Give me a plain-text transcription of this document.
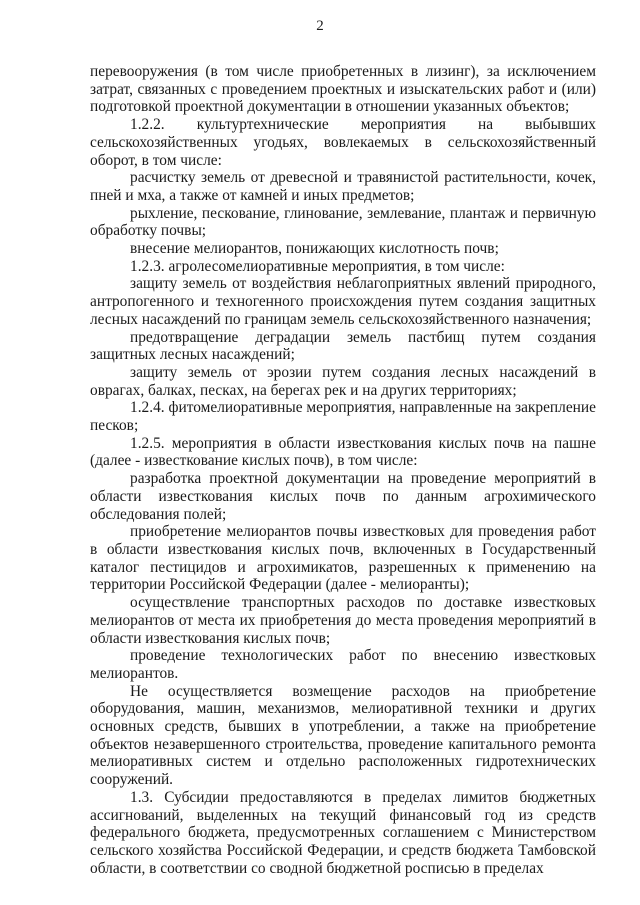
2

перевооружения (в том числе приобретенных в лизинг), за исключением затрат, связанных с проведением проектных и изыскательских работ и (или) подготовкой проектной документации в отношении указанных объектов;

1.2.2. культуртехнические мероприятия на выбывших сельскохозяйственных угодьях, вовлекаемых в сельскохозяйственный оборот, в том числе:

расчистку земель от древесной и травянистой растительности, кочек, пней и мха, а также от камней и иных предметов;

рыхление, пескование, глинование, землевание, плантаж и первичную обработку почвы;

внесение мелиорантов, понижающих кислотность почв;

1.2.3. агролесомелиоративные мероприятия, в том числе:

защиту земель от воздействия неблагоприятных явлений природного, антропогенного и техногенного происхождения путем создания защитных лесных насаждений по границам земель сельскохозяйственного назначения;

предотвращение деградации земель пастбищ путем создания защитных лесных насаждений;

защиту земель от эрозии путем создания лесных насаждений в оврагах, балках, песках, на берегах рек и на других территориях;

1.2.4. фитомелиоративные мероприятия, направленные на закрепление песков;

1.2.5. мероприятия в области известкования кислых почв на пашне (далее - известкование кислых почв), в том числе:

разработка проектной документации на проведение мероприятий в области известкования кислых почв по данным агрохимического обследования полей;

приобретение мелиорантов почвы известковых для проведения работ в области известкования кислых почв, включенных в Государственный каталог пестицидов и агрохимикатов, разрешенных к применению на территории Российской Федерации (далее - мелиоранты);

осуществление транспортных расходов по доставке известковых мелиорантов от места их приобретения до места проведения мероприятий в области известкования кислых почв;

проведение технологических работ по внесению известковых мелиорантов.

Не осуществляется возмещение расходов на приобретение оборудования, машин, механизмов, мелиоративной техники и других основных средств, бывших в употреблении, а также на приобретение объектов незавершенного строительства, проведение капитального ремонта мелиоративных систем и отдельно расположенных гидротехнических сооружений.

1.3. Субсидии предоставляются в пределах лимитов бюджетных ассигнований, выделенных на текущий финансовый год из средств федерального бюджета, предусмотренных соглашением с Министерством сельского хозяйства Российской Федерации, и средств бюджета Тамбовской области, в соответствии со сводной бюджетной росписью в пределах
